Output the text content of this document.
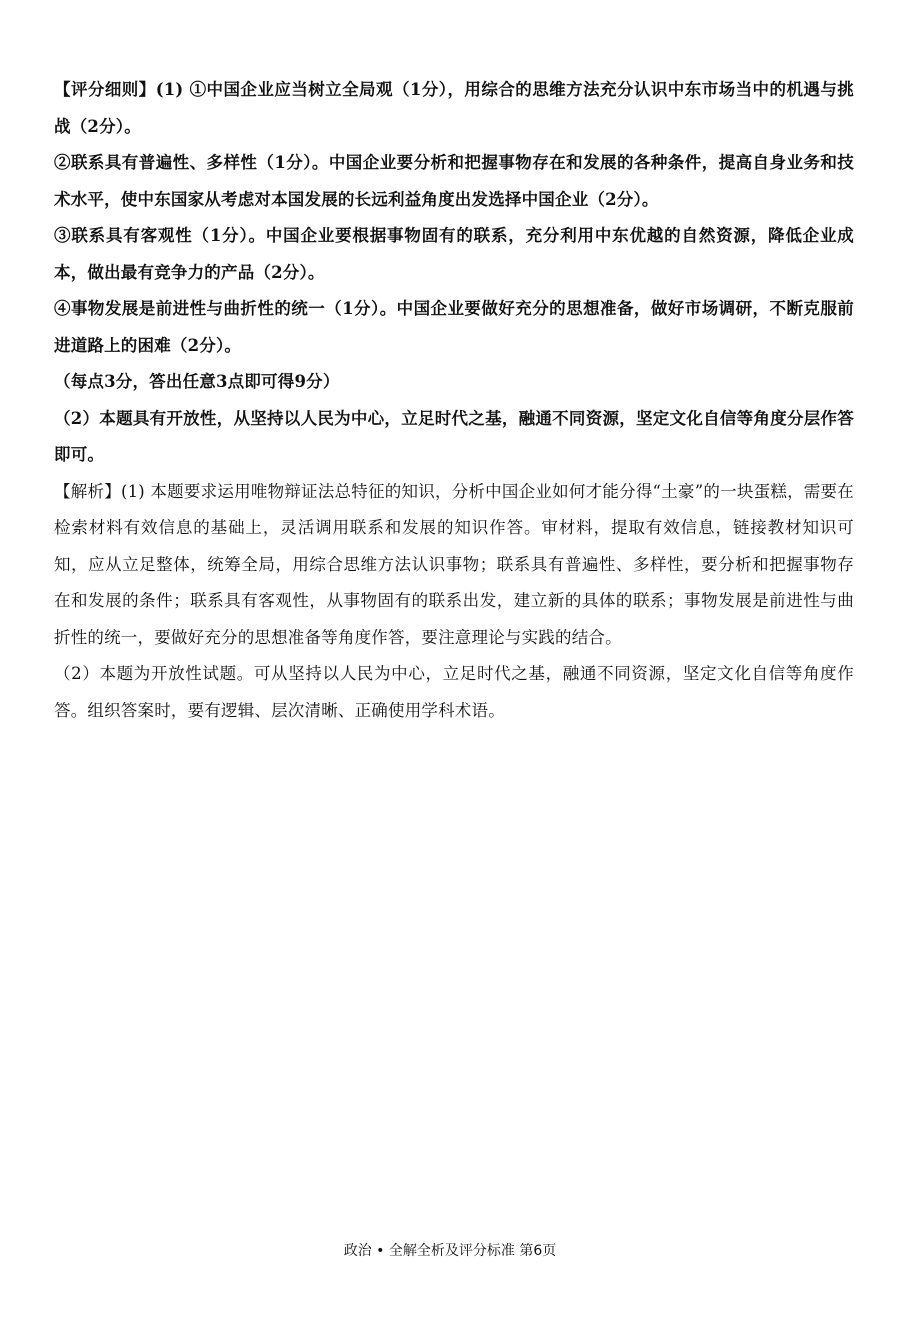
【评分细则】(1) ①中国企业应当树立全局观（1分），用综合的思维方法充分认识中东市场当中的机遇与挑战（2分）。

②联系具有普遍性、多样性（1分）。中国企业要分析和把握事物存在和发展的各种条件，提高自身业务和技术水平，使中东国家从考虑对本国发展的长远利益角度出发选择中国企业（2分）。

③联系具有客观性（1分）。中国企业要根据事物固有的联系，充分利用中东优越的自然资源，降低企业成本，做出最有竞争力的产品（2分）。

④事物发展是前进性与曲折性的统一（1分）。中国企业要做好充分的思想准备，做好市场调研，不断克服前进道路上的困难（2分）。

（每点3分，答出任意3点即可得9分）

（2）本题具有开放性，从坚持以人民为中心，立足时代之基，融通不同资源，坚定文化自信等角度分层作答即可。

【解析】(1) 本题要求运用唯物辩证法总特征的知识，分析中国企业如何才能分得“土豪”的一块蛋糕，需要在检索材料有效信息的基础上，灵活调用联系和发展的知识作答。审材料，提取有效信息，链接教材知识可知，应从立足整体，统筹全局，用综合思维方法认识事物；联系具有普遍性、多样性，要分析和把握事物存在和发展的条件；联系具有客观性，从事物固有的联系出发，建立新的具体的联系；事物发展是前进性与曲折性的统一，要做好充分的思想准备等角度作答，要注意理论与实践的结合。

（2）本题为开放性试题。可从坚持以人民为中心，立足时代之基，融通不同资源，坚定文化自信等角度作答。组织答案时，要有逻辑、层次清晰、正确使用学科术语。

政治 • 全解全析及评分标准 第6页
